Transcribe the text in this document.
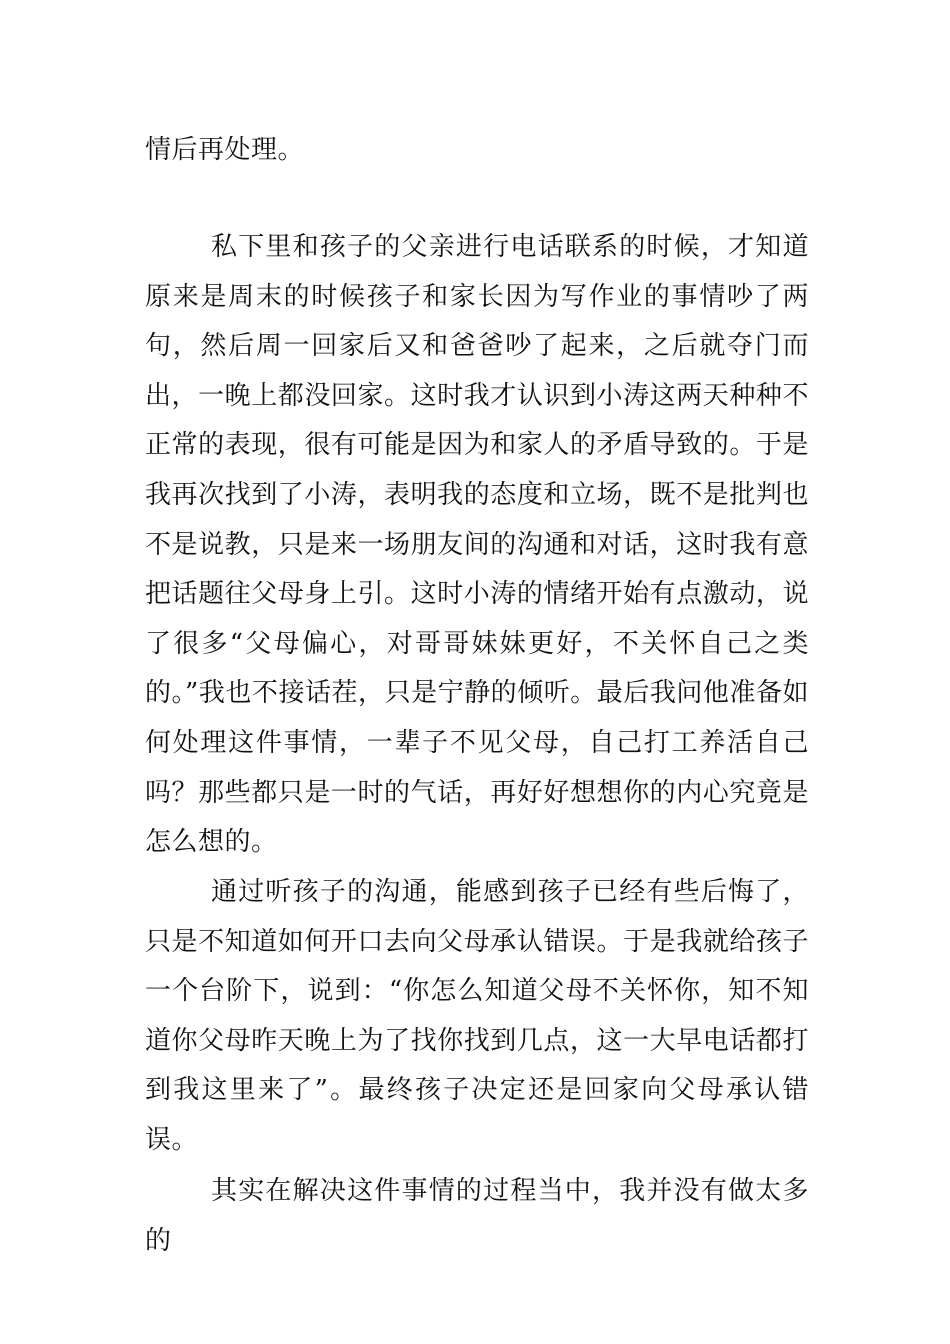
情后再处理。

私下里和孩子的父亲进行电话联系的时候，才知道原来是周末的时候孩子和家长因为写作业的事情吵了两句，然后周一回家后又和爸爸吵了起来，之后就夺门而出，一晚上都没回家。这时我才认识到小涛这两天种种不正常的表现，很有可能是因为和家人的矛盾导致的。于是我再次找到了小涛，表明我的态度和立场，既不是批判也不是说教，只是来一场朋友间的沟通和对话，这时我有意把话题往父母身上引。这时小涛的情绪开始有点激动，说了很多“父母偏心，对哥哥妹妹更好，不关怀自己之类的。”我也不接话茬，只是宁静的倾听。最后我问他准备如何处理这件事情，一辈子不见父母，自己打工养活自己吗？那些都只是一时的气话，再好好想想你的内心究竟是怎么想的。

通过听孩子的沟通，能感到孩子已经有些后悔了，只是不知道如何开口去向父母承认错误。于是我就给孩子一个台阶下，说到：“你怎么知道父母不关怀你，知不知道你父母昨天晚上为了找你找到几点，这一大早电话都打到我这里来了”。最终孩子决定还是回家向父母承认错误。

其实在解决这件事情的过程当中，我并没有做太多的
